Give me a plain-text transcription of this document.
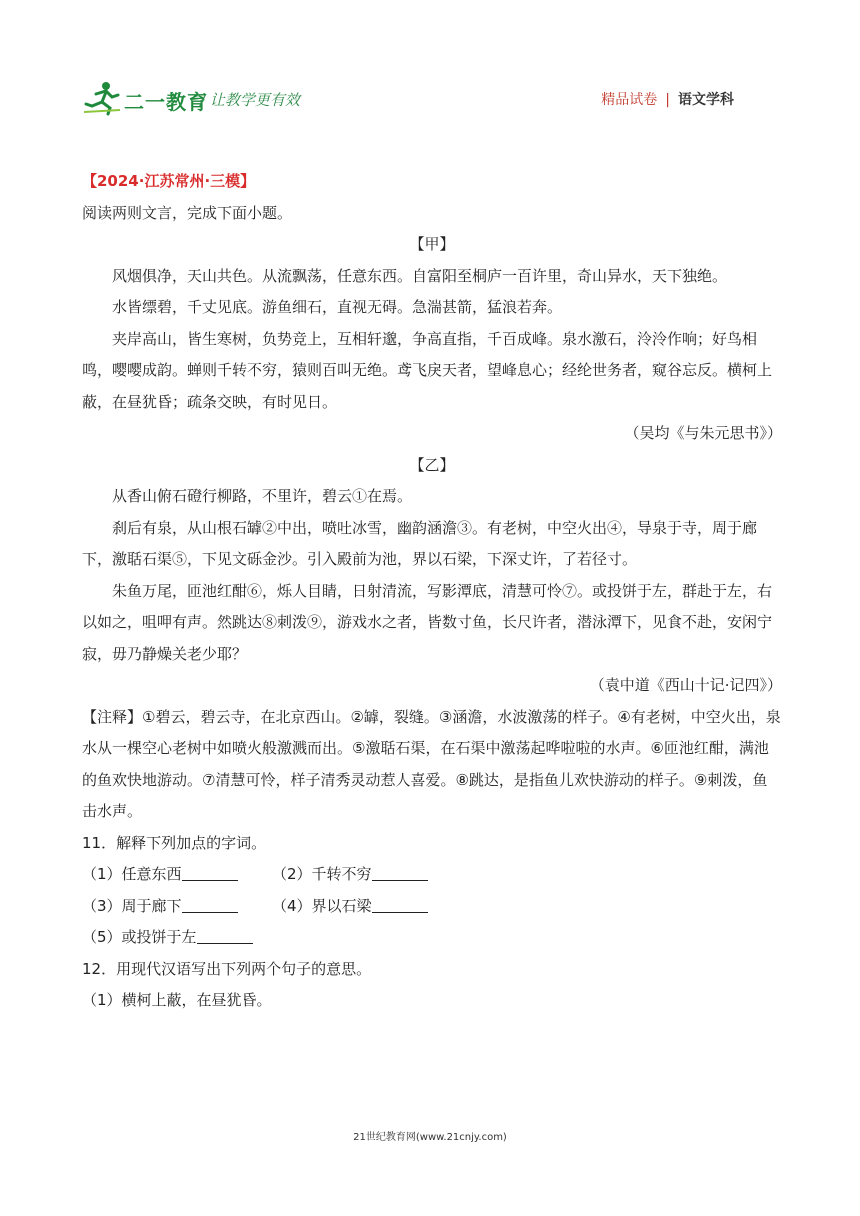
二一教育
/ 让教学更有效	精品试卷 | 语文学科

【2024·江苏常州·三模】

阅读两则文言，完成下面小题。

【甲】

风烟俱净，天山共色。从流飘荡，任意东西。自富阳至桐庐一百许里，奇山异水，天下独绝。

水皆缥碧，千丈见底。游鱼细石，直视无碍。急湍甚箭，猛浪若奔。

夹岸高山，皆生寒树，负势竞上，互相轩邈，争高直指，千百成峰。泉水激石，泠泠作响；好鸟相鸣，嘤嘤成韵。蝉则千转不穷，猿则百叫无绝。鸢飞戾天者，望峰息心；经纶世务者，窥谷忘反。横柯上蔽，在昼犹昏；疏条交映，有时见日。

（吴均《与朱元思书》）

【乙】

从香山俯石磴行柳路，不里许，碧云①在焉。

刹后有泉，从山根石罅②中出，喷吐冰雪，幽韵涵澹③。有老树，中空火出④，导泉于寺，周于廊下，激聒石渠⑤，下见文砾金沙。引入殿前为池，界以石梁，下深丈许，了若径寸。

朱鱼万尾，匝池红酣⑥，烁人目睛，日射清流，写影潭底，清慧可怜⑦。或投饼于左，群赴于左，右以如之，咀呷有声。然跳达⑧刺泼⑨，游戏水之者，皆数寸鱼，长尺许者，潜泳潭下，见食不赴，安闲宁寂，毋乃静燥关老少耶？

（袁中道《西山十记·记四》）

【注释】①碧云，碧云寺，在北京西山。②罅，裂缝。③涵澹，水波激荡的样子。④有老树，中空火出，泉水从一棵空心老树中如喷火般激溅而出。⑤激聒石渠，在石渠中激荡起哗啦啦的水声。⑥匝池红酣，满池的鱼欢快地游动。⑦清慧可怜，样子清秀灵动惹人喜爱。⑧跳达，是指鱼儿欢快游动的样子。⑨刺泼，鱼击水声。

11．解释下列加点的字词。

（1）任意东西	（2）千转不穷
（3）周于廊下	（4）界以石梁
（5）或投饼于左

12．用现代汉语写出下列两个句子的意思。

（1）横柯上蔽，在昼犹昏。

21世纪教育网(www.21cnjy.com)
